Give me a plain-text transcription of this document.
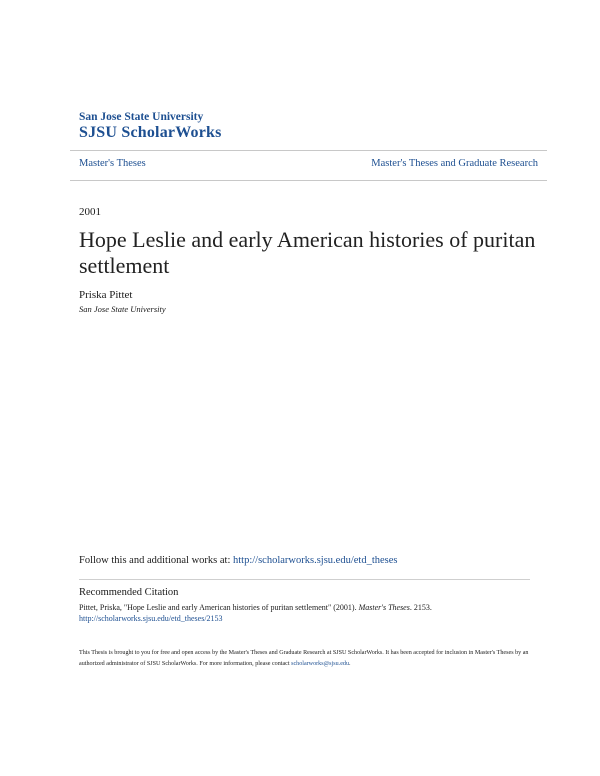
San Jose State University
SJSU ScholarWorks
Master's Theses	Master's Theses and Graduate Research
2001
Hope Leslie and early American histories of puritan settlement
Priska Pittet
San Jose State University
Follow this and additional works at: http://scholarworks.sjsu.edu/etd_theses
Recommended Citation
Pittet, Priska, "Hope Leslie and early American histories of puritan settlement" (2001). Master's Theses. 2153.
http://scholarworks.sjsu.edu/etd_theses/2153
This Thesis is brought to you for free and open access by the Master's Theses and Graduate Research at SJSU ScholarWorks. It has been accepted for inclusion in Master's Theses by an authorized administrator of SJSU ScholarWorks. For more information, please contact scholarworks@sjsu.edu.
